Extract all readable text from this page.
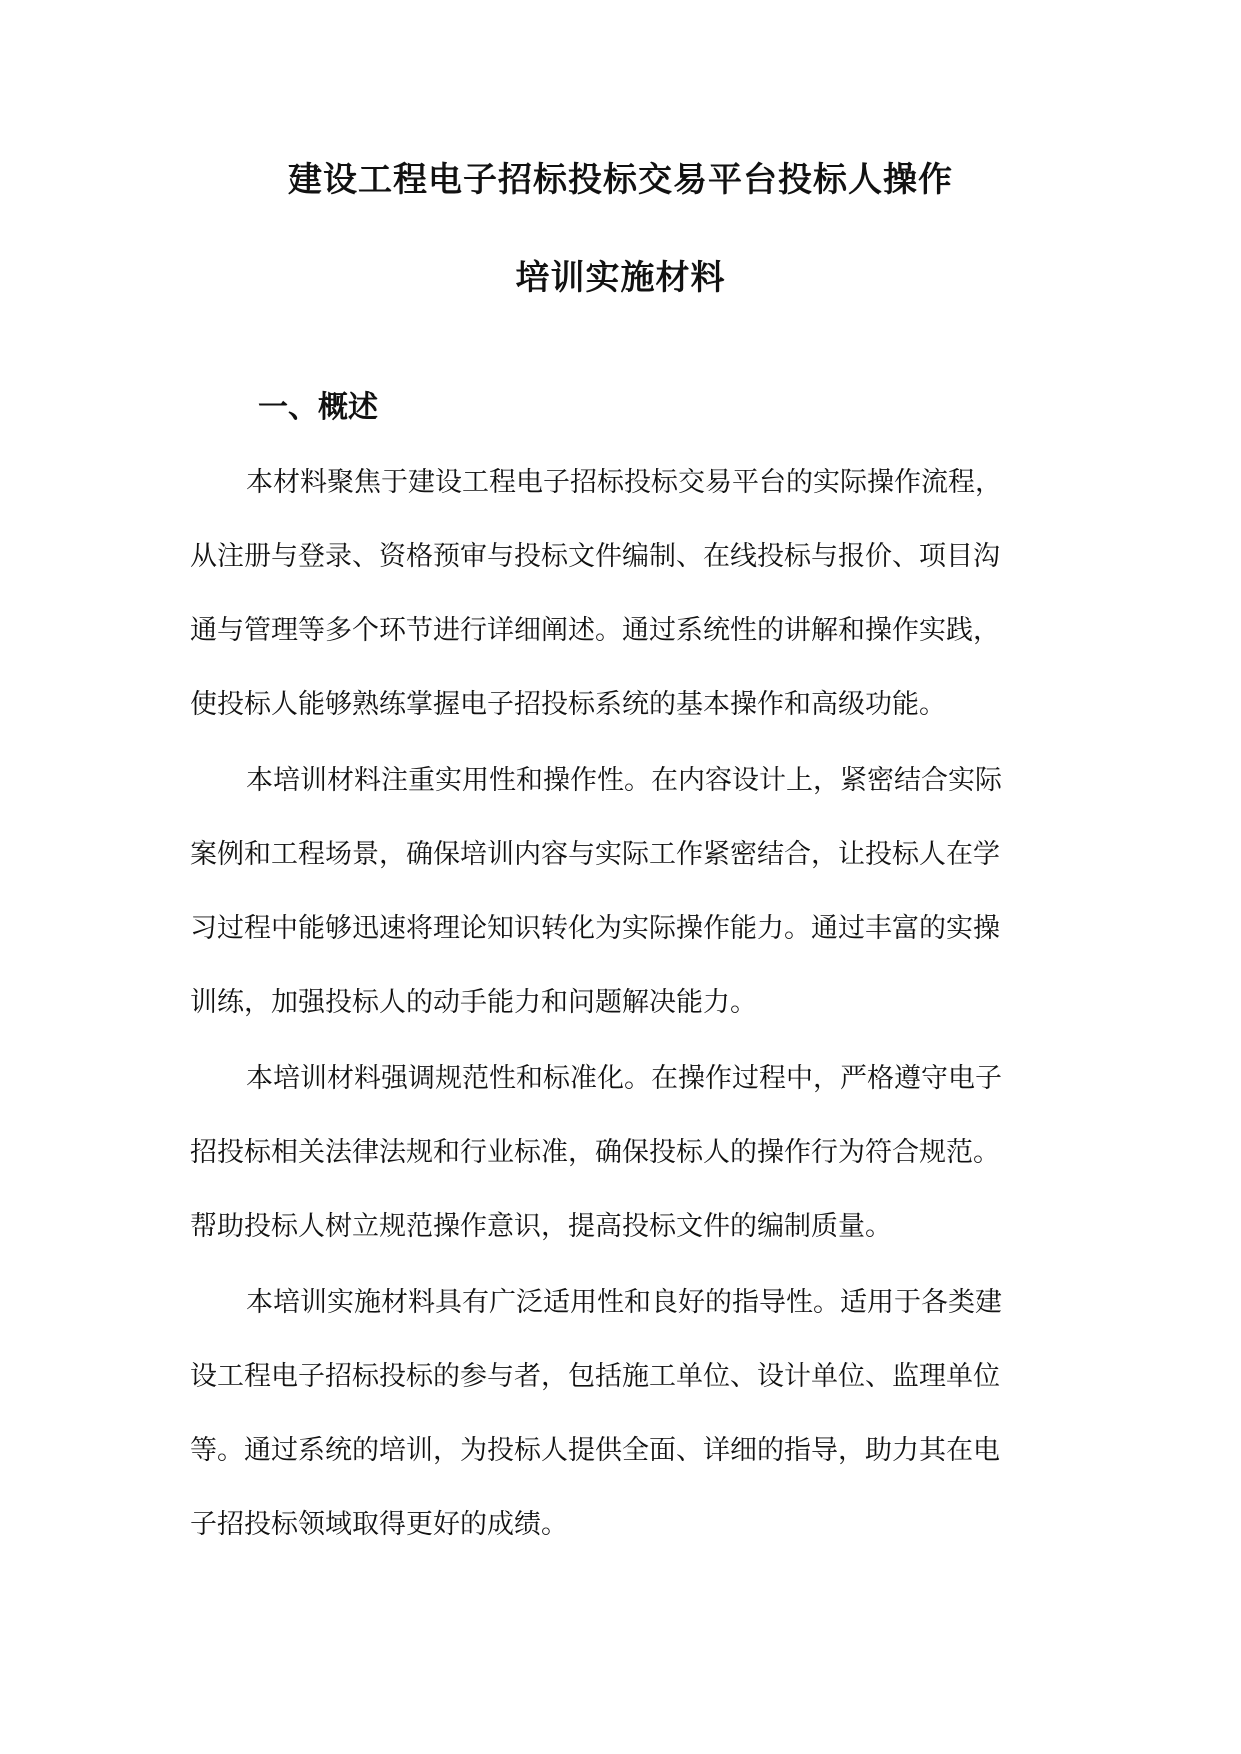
建设工程电子招标投标交易平台投标人操作
培训实施材料
一、概述
本材料聚焦于建设工程电子招标投标交易平台的实际操作流程，
从注册与登录、资格预审与投标文件编制、在线投标与报价、项目沟
通与管理等多个环节进行详细阐述。通过系统性的讲解和操作实践，
使投标人能够熟练掌握电子招投标系统的基本操作和高级功能。
本培训材料注重实用性和操作性。在内容设计上，紧密结合实际
案例和工程场景，确保培训内容与实际工作紧密结合，让投标人在学
习过程中能够迅速将理论知识转化为实际操作能力。通过丰富的实操
训练，加强投标人的动手能力和问题解决能力。
本培训材料强调规范性和标准化。在操作过程中，严格遵守电子
招投标相关法律法规和行业标准，确保投标人的操作行为符合规范。
帮助投标人树立规范操作意识，提高投标文件的编制质量。
本培训实施材料具有广泛适用性和良好的指导性。适用于各类建
设工程电子招标投标的参与者，包括施工单位、设计单位、监理单位
等。通过系统的培训，为投标人提供全面、详细的指导，助力其在电
子招投标领域取得更好的成绩。
